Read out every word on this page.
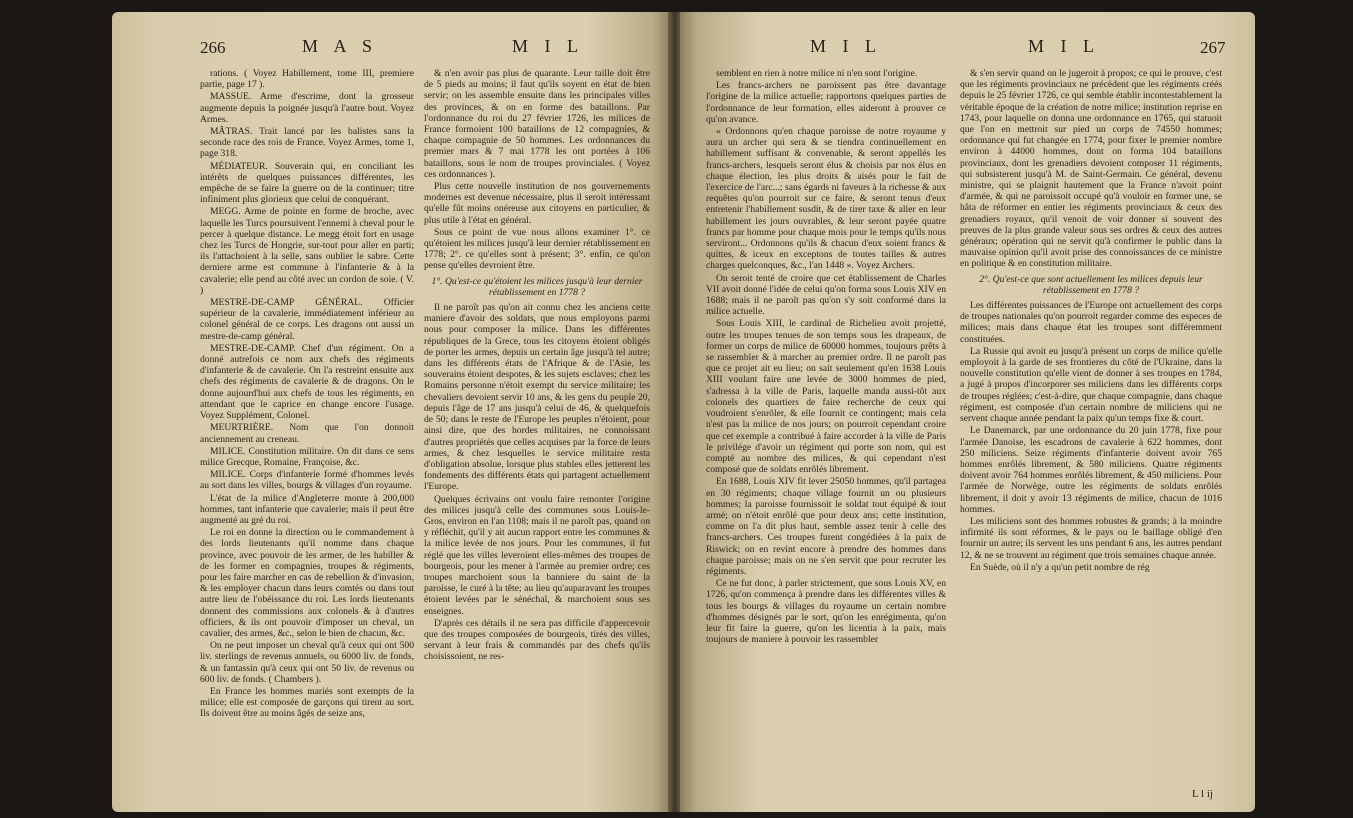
266	M A S	M I L

rations. ( Voyez Habillement, tome III, premiere partie, page 17 ).

MASSUE. Arme d'escrime, dont la grosseur augmente depuis la poignée jusqu'à l'autre bout. Voyez Armes.

MÂTRAS. Trait lancé par les balistes sans la seconde race des rois de France. Voyez Armes, tome 1, page 318.

MÉDIATEUR. Souverain qui, en conciliant les intérêts de quelques puissances différentes, les empêche de se faire la guerre ou de la continuer; titre infiniment plus glorieux que celui de conquérant.

MEGG. Arme de pointe en forme de broche, avec laquelle les Turcs poursuivent l'ennemi à cheval pour le percer à quelque distance. Le megg étoit fort en usage chez les Turcs de Hongrie, sur-tout pour aller en parti; ils l'attachoient à la selle, sans oublier le sabre. Cette derniere arme est commune à l'infanterie & à la cavalerie; elle pend au côté avec un cordon de soie. ( V. )

MESTRE-DE-CAMP GÉNÉRAL. Officier supérieur de la cavalerie, immédiatement inférieur au colonel général de ce corps. Les dragons ont aussi un mestre-de-camp général.

MESTRE-DE-CAMP. Chef d'un régiment. On a donné autrefois ce nom aux chefs des régiments d'infanterie & de cavalerie. On l'a restreint ensuite aux chefs des régiments de cavalerie & de dragons. On le donne aujourd'hui aux chefs de tous les régiments, en attendant que le caprice en change encore l'usage. Voyez Supplément, Colonel.

MEURTRIÈRE. Nom que l'on donnoit anciennement au creneau.

MILICE. Constitution militaire. On dit dans ce sens milice Grecque, Romaine, Françoise, &c.

MILICE. Corps d'infanterie formé d'hommes levés au sort dans les villes, bourgs & villages d'un royaume.

L'état de la milice d'Angleterre monte à 200,000 hommes, tant infanterie que cavalerie; mais il peut être augmenté au gré du roi.

Le roi en donne la direction ou le commandement à des lords lieutenants qu'il nomme dans chaque province, avec pouvoir de les armer, de les habiller & de les former en compagnies, troupes & régiments, pour les faire marcher en cas de rebellion & d'invasion, & les employer chacun dans leurs comtés ou dans tout autre lieu de l'obéissance du roi. Les lords lieutenants donnent des commissions aux colonels & à d'autres officiers, & ils ont pouvoir d'imposer un cheval, un cavalier, des armes, &c., selon le bien de chacun, &c.

On ne peut imposer un cheval qu'à ceux qui ont 500 liv. sterlings de revenus annuels, ou 6000 liv. de fonds, & un fantassin qu'à ceux qui ont 50 liv. de revenus ou 600 liv. de fonds. ( Chambers ).

En France les hommes mariés sont exempts de la milice; elle est composée de garçons qui tirent au sort. Ils doivent être au moins âgés de seize ans,

& n'en avoir pas plus de quarante. Leur taille doit être de 5 pieds au moins; il faut qu'ils soyent en état de bien servir; on les assemble ensuite dans les principales villes des provinces, & on en forme des bataillons. Par l'ordonnance du roi du 27 février 1726, les milices de France formoient 100 bataillons de 12 compagnies, & chaque compagnie de 50 hommes. Les ordonnances du premier mars & 7 mai 1778 les ont portées à 106 bataillons, sous le nom de troupes provinciales. ( Voyez ces ordonnances ).

Plus cette nouvelle institution de nos gouvernements modernes est devenue nécessaire, plus il seroit intéressant qu'elle fût moins onéreuse aux citoyens en particulier, & plus utile à l'état en général.

Sous ce point de vue nous allons examiner 1°. ce qu'étoient les milices jusqu'à leur dernier rétablissement en 1778; 2°. ce qu'elles sont à présent; 3°. enfin, ce qu'on pense qu'elles devroient être.

1°. Qu'est-ce qu'étoient les milices jusqu'à leur dernier rétablissement en 1778 ?

Il ne paroît pas qu'on ait connu chez les anciens cette maniere d'avoir des soldats, que nous employons parmi nous pour composer la milice. Dans les différentes républiques de la Grece, tous les citoyens étoient obligés de porter les armes, depuis un certain âge jusqu'à tel autre; dans les différents états de l'Afrique & de l'Asie, les souverains étoient despotes, & les sujets esclaves; chez les Romains personne n'étoit exempt du service militaire; les chevaliers devoient servir 10 ans, & les gens du peuple 20, depuis l'âge de 17 ans jusqu'à celui de 46, & quelquefois de 50; dans le reste de l'Europe les peuples n'étoient, pour ainsi dire, que des hordes militaires, ne connoissant d'autres propriétés que celles acquises par la force de leurs armes, & chez lesquelles le service militaire resta d'obligation absolue, lorsque plus stables elles jetterent les fondements des différents états qui partagent actuellement l'Europe.

Quelques écrivains ont voulu faire remonter l'origine des milices jusqu'à celle des communes sous Louis-le-Gros, environ en l'an 1108; mais il ne paroît pas, quand on y réfléchit, qu'il y ait aucun rapport entre les communes & la milice levée de nos jours. Pour les communes, il fut réglé que les villes leveroient elles-mêmes des troupes de bourgeois, pour les mener à l'armée au premier ordre; ces troupes marchoient sous la banniere du saint de la paroisse, le curé à la tête; au lieu qu'auparavant les troupes étoient levées par le sénéchal, & marchoient sous ses enseignes.

D'après ces détails il ne sera pas difficile d'appercevoir que des troupes composées de bourgeois, tirés des villes, servant à leur frais & commandés par des chefs qu'ils choisissoient, ne res-

M I L	M I L	267

semblent en rien à notre milice ni n'en sont l'origine.

Les francs-archers ne paroissent pas être davantage l'origine de la milice actuelle; rapportons quelques parties de l'ordonnance de leur formation, elles aideront à prouver ce qu'on avance.

« Ordonnons qu'en chaque paroisse de notre royaume y aura un archer qui sera & se tiendra continuellement en habillement suffisant & convenable, & seront appellés les francs-archers, lesquels seront élus & choisis par nos élus en chaque élection, les plus droits & aisés pour le fait de l'exercice de l'arc...; sans égards ni faveurs à la richesse & aux requêtes qu'on pourroit sur ce faire, & seront tenus d'eux entretenir l'habillement susdit, & de tirer taxe & aller en leur habillement les jours ouvrables, & leur seront payée quatre francs par homme pour chaque mois pour le temps qu'ils nous serviront... Ordonnons qu'ils & chacun d'eux soient francs & quittes, & iceux en exceptons de toutes tailles & autres charges quelconques, &c., l'an 1448 ». Voyez Archers.

On seroit tenté de croire que cet établissement de Charles VII avoit donné l'idée de celui qu'on forma sous Louis XIV en 1688; mais il ne paroît pas qu'on s'y soit conformé dans la milice actuelle.

Sous Louis XIII, le cardinal de Richelieu avoit projetté, outre les troupes tenues de son temps sous les drapeaux, de former un corps de milice de 60000 hommes, toujours prêts à se rassembler & à marcher au premier ordre. Il ne paroît pas que ce projet ait eu lieu; on sait seulement qu'en 1638 Louis XIII voulant faire une levée de 3000 hommes de pied, s'adressa à la ville de Paris, laquelle manda aussi-tôt aux colonels des quartiers de faire recherche de ceux qui voudroient s'enrôler, & elle fournit ce contingent; mais cela n'est pas la milice de nos jours; on pourroit cependant croire que cet exemple a contribué à faire accorder à la ville de Paris le privilége d'avoir un régiment qui porte son nom, qui est compté au nombre des milices, & qui cependant n'est composé que de soldats enrôlés librement.

En 1688, Louis XIV fit lever 25050 hommes, qu'il partagea en 30 régiments; chaque village fournit un ou plusieurs hommes; la paroisse fournissoit le soldat tout équipé & tout armé; on n'étoit enrôlé que pour deux ans; cette institution, comme on l'a dit plus haut, semble assez tenir à celle des francs-archers. Ces troupes furent congédiées à la paix de Riswick; on en revint encore à prendre des hommes dans chaque paroisse; mais on ne s'en servit que pour recruter les régiments.

Ce ne fut donc, à parler strictement, que sous Louis XV, en 1726, qu'on commença à prendre dans les différentes villes & tous les bourgs & villages du royaume un certain nombre d'hommes désignés par le sort, qu'on les enrégimenta, qu'on leur fit faire la guerre, qu'on les licentia à la paix, mais toujours de maniere à pouvoir les rassembler

& s'en servir quand on le jugeroit à propos; ce qui le prouve, c'est que les régiments provinciaux ne précèdent que les régiments créés depuis le 25 février 1726, ce qui semble établir incontestablement la véritable époque de la création de notre milice; institution reprise en 1743, pour laquelle on donna une ordonnance en 1765, qui statuoit que l'on en mettroit sur pied un corps de 74550 hommes; ordonnance qui fut changée en 1774, pour fixer le premier nombre environ à 44000 hommes, dont on forma 104 bataillons provinciaux, dont les grenadiers devoient composer 11 régiments, qui subsisterent jusqu'à M. de Saint-Germain. Ce général, devenu ministre, qui se plaignit hautement que la France n'avoit point d'armée, & qui ne paroissoit occupé qu'à vouloir en former une, se hâta de réformer en entier les régiments provinciaux & ceux des grenadiers royaux, qu'il venoit de voir donner si souvent des preuves de la plus grande valeur sous ses ordres & ceux des autres généraux; opération qui ne servit qu'à confirmer le public dans la mauvaise opinion qu'il avoit prise des connoissances de ce ministre en politique & en constitution militaire.

2°. Qu'est-ce que sont actuellement les milices depuis leur rétablissement en 1778 ?

Les différentes puissances de l'Europe ont actuellement des corps de troupes nationales qu'on pourroit regarder comme des especes de milices; mais dans chaque état les troupes sont différemment constituées.

La Russie qui avoit eu jusqu'à présent un corps de milice qu'elle employoit à la garde de ses frontieres du côté de l'Ukraine, dans la nouvelle constitution qu'elle vient de donner à ses troupes en 1784, a jugé à propos d'incorporer ses miliciens dans les différents corps de troupes réglées; c'est-à-dire, que chaque compagnie, dans chaque régiment, est composée d'un certain nombre de miliciens qui ne servent chaque année pendant la paix qu'un temps fixe & court.

Le Danemarck, par une ordonnance du 20 juin 1778, fixe pour l'armée Danoise, les escadrons de cavalerie à 622 hommes, dont 250 miliciens. Seize régiments d'infanterie doivent avoir 765 hommes enrôlés librement, & 580 miliciens. Quatre régiments doivent avoir 764 hommes enrôlés librement, & 450 miliciens. Pour l'armée de Norwège, outre les régiments de soldats enrôlés librement, il doit y avoir 13 régiments de milice, chacun de 1016 hommes.

Les miliciens sont des hommes robustes & grands; à la moindre infirmité ils sont réformes, & le pays ou le baillage obligé d'en fournir un autre; ils servent les uns pendant 6 ans, les autres pendant 12, & ne se trouvent au régiment que trois semaines chaque année.

En Suède, où il n'y a qu'un petit nombre de rég

L l ij
